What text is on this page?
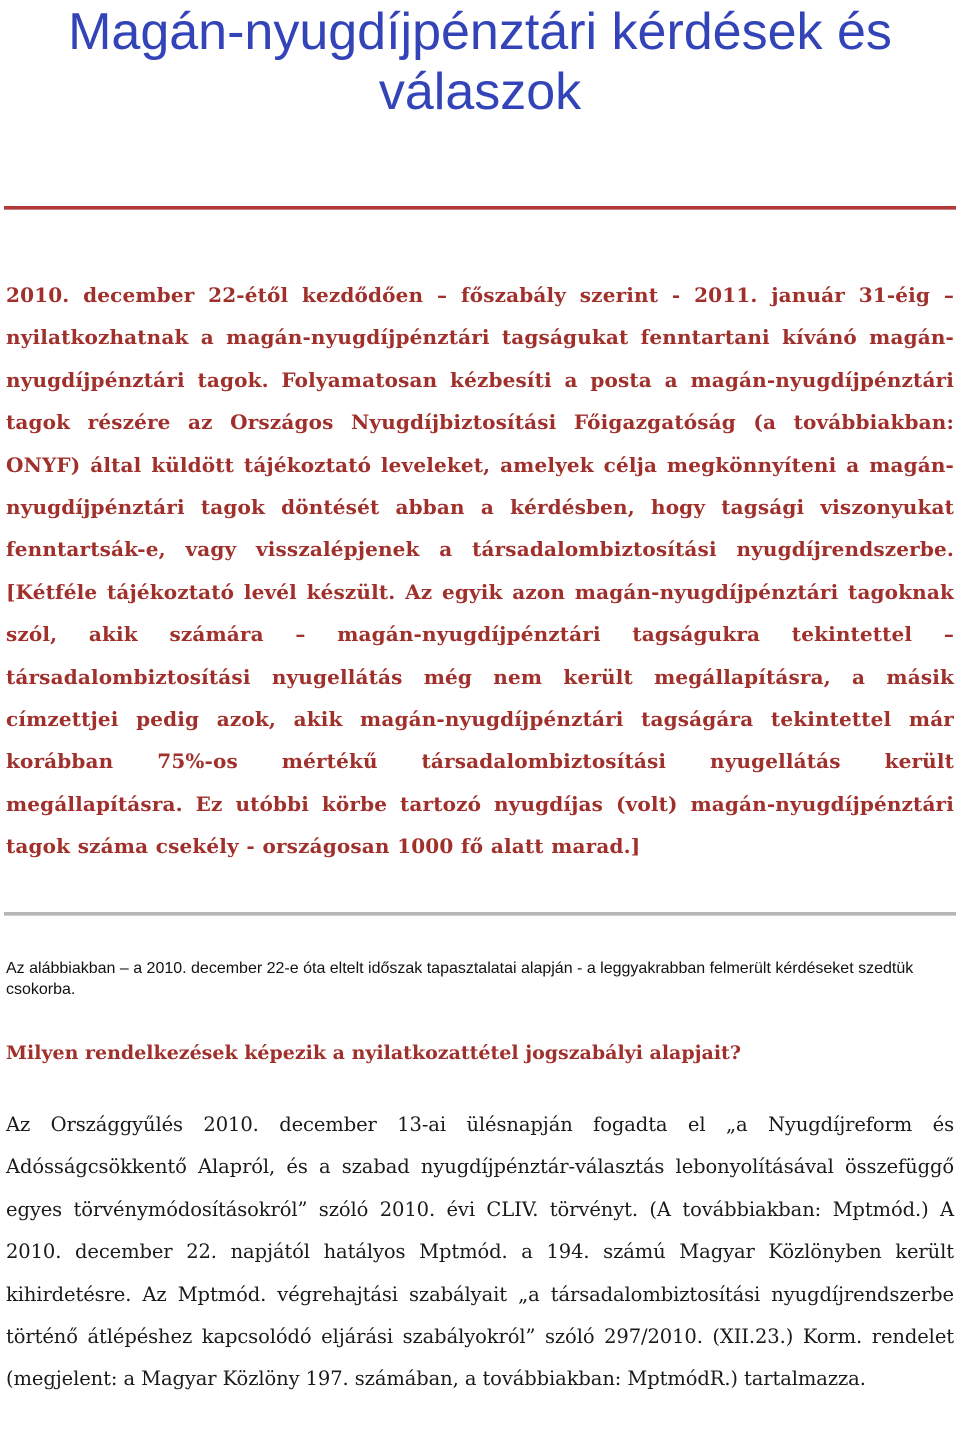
Magán-nyugdíjpénztári kérdések és
válaszok

2010. december 22-étől kezdődően – főszabály szerint - 2011. január 31-éig – nyilatkozhatnak a magán-nyugdíjpénztári tagságukat fenntartani kívánó magán-nyugdíjpénztári tagok. Folyamatosan kézbesíti a posta a magán-nyugdíjpénztári tagok részére az Országos Nyugdíjbiztosítási Főigazgatóság (a továbbiakban: ONYF) által küldött tájékoztató leveleket, amelyek célja megkönnyíteni a magán-nyugdíjpénztári tagok döntését abban a kérdésben, hogy tagsági viszonyukat fenntartsák-e, vagy visszalépjenek a társadalombiztosítási nyugdíjrendszerbe. [Kétféle tájékoztató levél készült. Az egyik azon magán-nyugdíjpénztári tagoknak szól, akik számára – magán-nyugdíjpénztári tagságukra tekintettel – társadalombiztosítási nyugellátás még nem került megállapításra, a másik címzettjei pedig azok, akik magán-nyugdíjpénztári tagságára tekintettel már korábban 75%-os mértékű társadalombiztosítási nyugellátás került megállapításra. Ez utóbbi körbe tartozó nyugdíjas (volt) magán-nyugdíjpénztári tagok száma csekély - országosan 1000 fő alatt marad.]

Az alábbiakban – a 2010. december 22-e óta eltelt időszak tapasztalatai alapján - a leggyakrabban felmerült kérdéseket szedtük csokorba.

Milyen rendelkezések képezik a nyilatkozattétel jogszabályi alapjait?

Az Országgyűlés 2010. december 13-ai ülésnapján fogadta el „a Nyugdíjreform és Adósságcsökkentő Alapról, és a szabad nyugdíjpénztár-választás lebonyolításával összefüggő egyes törvénymódosításokról” szóló 2010. évi CLIV. törvényt. (A továbbiakban: Mptmód.) A 2010. december 22. napjától hatályos Mptmód. a 194. számú Magyar Közlönyben került kihirdetésre. Az Mptmód. végrehajtási szabályait „a társadalombiztosítási nyugdíjrendszerbe történő átlépéshez kapcsolódó eljárási szabályokról” szóló 297/2010. (XII.23.) Korm. rendelet (megjelent: a Magyar Közlöny 197. számában, a továbbiakban: MptmódR.) tartalmazza.
